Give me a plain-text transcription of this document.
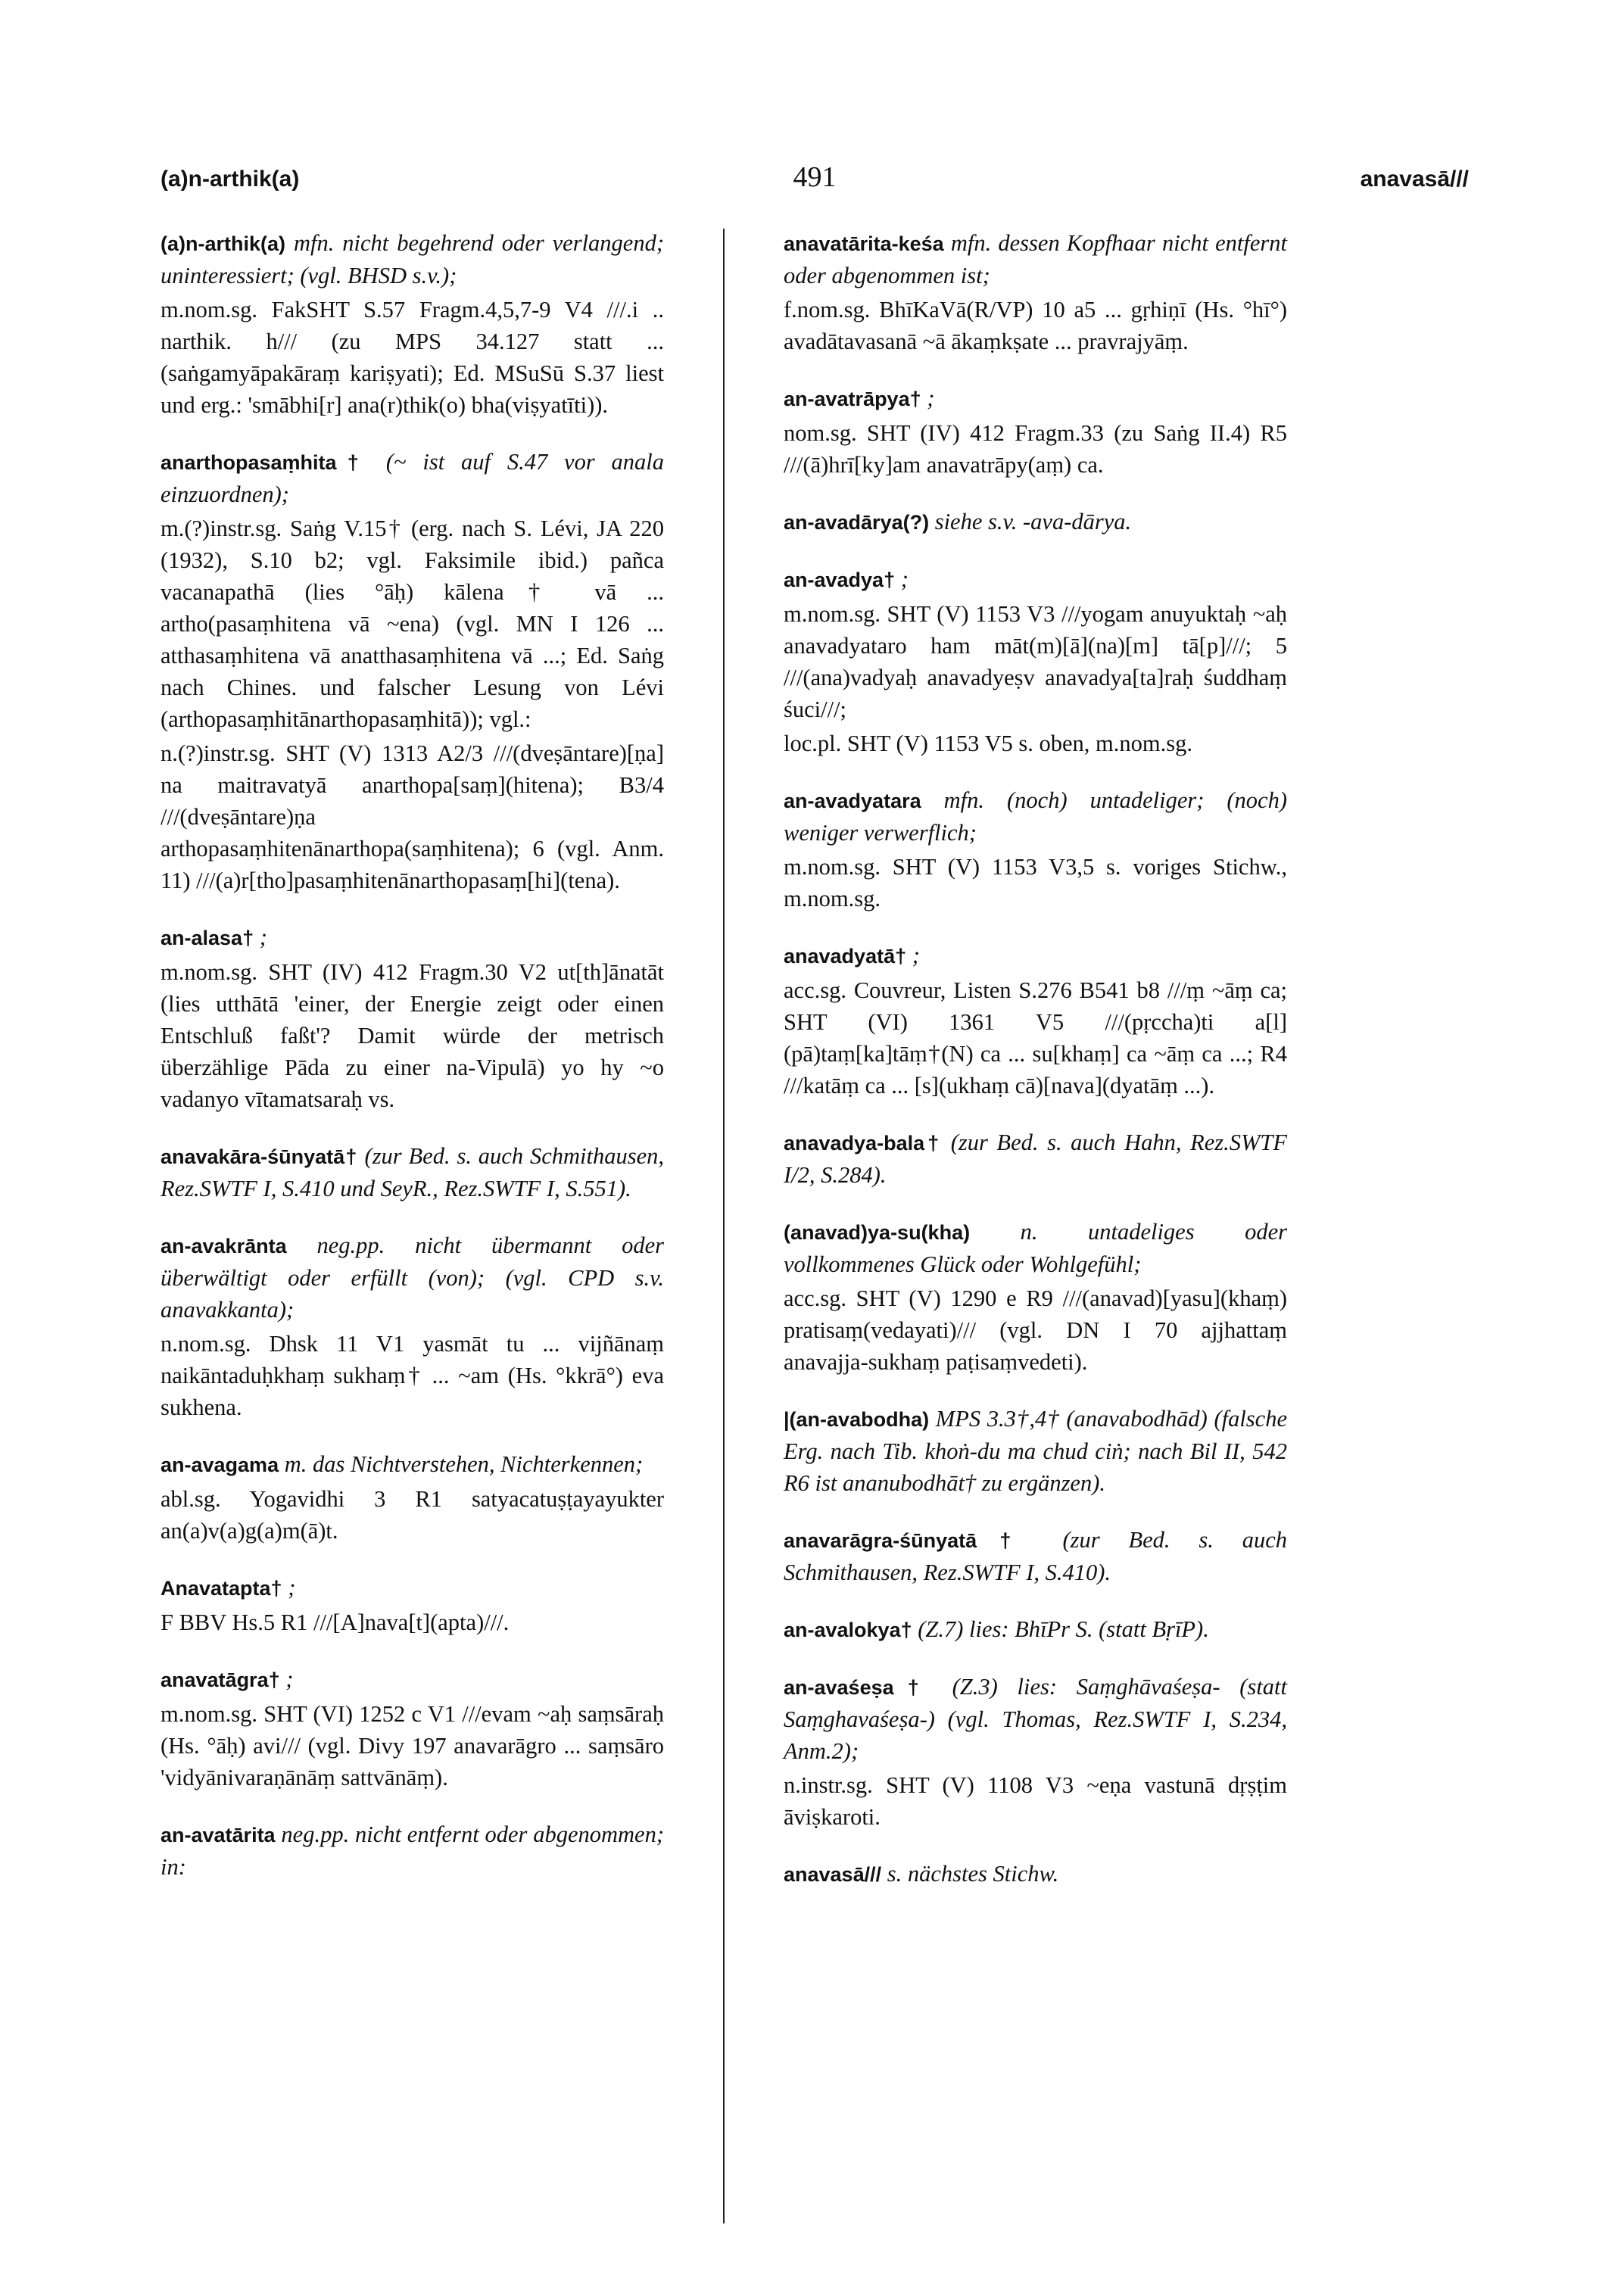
(a)n-arthik(a)	491	anavasā///
(a)n-arthik(a) mfn. nicht begehrend oder verlangend; uninteressiert; (vgl. BHSD s.v.);
m.nom.sg. FakSHT S.57 Fragm.4,5,7-9 V4 ///.i .. narthik. h/// (zu MPS 34.127 statt ... (saṅgamyāpakāraṃ kariṣyati); Ed. MSuSū S.37 liest und erg.: 'smābhi[r] ana(r)thik(o) bha(viṣyatīti)).
anarthopasaṃhita† (~ ist auf S.47 vor anala einzuordnen);
m.(?)instr.sg. Saṅg V.15† (erg. nach S. Lévi, JA 220 (1932), S.10 b2; vgl. Faksimile ibid.) pañca vacanapathā (lies °āḥ) kālena† vā ... artho(pasaṃhitena vā ~ena) (vgl. MN I 126 ... atthasaṃhitena vā anatthasaṃhitena vā ...; Ed. Saṅg nach Chines. und falscher Lesung von Lévi (arthopasaṃhitānarthopasaṃhitā)); vgl.:
n.(?)instr.sg. SHT (V) 1313 A2/3 ///(dveṣāntare)[ṇa] na maitravatyā anarthopa[saṃ](hitena); B3/4 ///(dveṣāntare)ṇa arthopasaṃhitenānarthopa(saṃhitena); 6 (vgl. Anm. 11) ///(a)r[tho]pasaṃhitenānarthopasaṃ[hi](tena).
an-alasa† ;
m.nom.sg. SHT (IV) 412 Fragm.30 V2 ut[th]ānatāt (lies utthātā 'einer, der Energie zeigt oder einen Entschluß faßt'? Damit würde der metrisch überzählige Pāda zu einer na-Vipulā) yo hy ~o vadanyo vītamatsaraḥ vs.
anavakāra-śūnyatā† (zur Bed. s. auch Schmithausen, Rez.SWTF I, S.410 und SeyR., Rez.SWTF I, S.551).
an-avakrānta neg.pp. nicht übermannt oder überwältigt oder erfüllt (von); (vgl. CPD s.v. anavakkanta);
n.nom.sg. Dhsk 11 V1 yasmāt tu ... vijñānaṃ naikāntaduḥkhaṃ sukhaṃ† ... ~am (Hs. °kkrā°) eva sukhena.
an-avagama m. das Nichtverstehen, Nichterkennen;
abl.sg. Yogavidhi 3 R1 satyacatuṣṭayayukter an(a)v(a)g(a)m(ā)t.
Anavatapta† ;
F BBV Hs.5 R1 ///[A]nava[t](apta)///.
anavatāgra† ;
m.nom.sg. SHT (VI) 1252 c V1 ///evam ~aḥ saṃsāraḥ (Hs. °āḥ) avi/// (vgl. Divy 197 anavarāgro ... saṃsāro 'vidyānivaraṇānāṃ sattvānāṃ).
an-avatārita neg.pp. nicht entfernt oder abgenommen; in:
anavatārita-keśa mfn. dessen Kopfhaar nicht entfernt oder abgenommen ist;
f.nom.sg. BhīKaVā(R/VP) 10 a5 ... gṛhiṇī (Hs. °hī°) avadātavasanā ~ā ākaṃkṣate ... pravrajyāṃ.
an-avatrāpya† ;
nom.sg. SHT (IV) 412 Fragm.33 (zu Saṅg II.4) R5 ///(ā)hrī[ky]am anavatrāpy(aṃ) ca.
an-avadārya(?) siehe s.v. -ava-dārya.
an-avadya† ;
m.nom.sg. SHT (V) 1153 V3 ///yogam anuyuktaḥ ~aḥ anavadyataro ham māt(m)[ā](na)[m] tā[p]///; 5 ///(ana)vadyaḥ anavadyeṣv anavadya[ta]raḥ śuddhaṃ śuci///;
loc.pl. SHT (V) 1153 V5 s. oben, m.nom.sg.
an-avadyatara mfn. (noch) untadeliger; (noch) weniger verwerflich;
m.nom.sg. SHT (V) 1153 V3,5 s. voriges Stichw., m.nom.sg.
anavadyatā† ;
acc.sg. Couvreur, Listen S.276 B541 b8 ///ṃ ~āṃ ca; SHT (VI) 1361 V5 ///(pṛccha)ti a[l](pā)taṃ[ka]tāṃ†(N) ca ... su[khaṃ] ca ~āṃ ca ...; R4 ///katāṃ ca ... [s](ukhaṃ cā)[nava](dyatāṃ ...).
anavadya-bala† (zur Bed. s. auch Hahn, Rez.SWTF I/2, S.284).
(anavad)ya-su(kha) n. untadeliges oder vollkommenes Glück oder Wohlgefühl;
acc.sg. SHT (V) 1290 e R9 ///(anavad)[yasu](khaṃ) pratisaṃ(vedayati)/// (vgl. DN I 70 ajjhattaṃ anavajja-sukhaṃ paṭisaṃvedeti).
|(an-avabodha) MPS 3.3†,4† (anavabodhād) (falsche Erg. nach Tib. khoṅ-du ma chud ciṅ; nach Bil II, 542 R6 ist ananubodhāt† zu ergänzen).
anavarāgra-śūnyatā† (zur Bed. s. auch Schmithausen, Rez.SWTF I, S.410).
an-avalokya† (Z.7) lies: BhīPr S. (statt BṛīP).
an-avaśeṣa† (Z.3) lies: Saṃghāvaśeṣa- (statt Saṃghavaśeṣa-) (vgl. Thomas, Rez.SWTF I, S.234, Anm.2);
n.instr.sg. SHT (V) 1108 V3 ~eṇa vastunā dṛṣṭim āviṣkaroti.
anavasā/// s. nächstes Stichw.
